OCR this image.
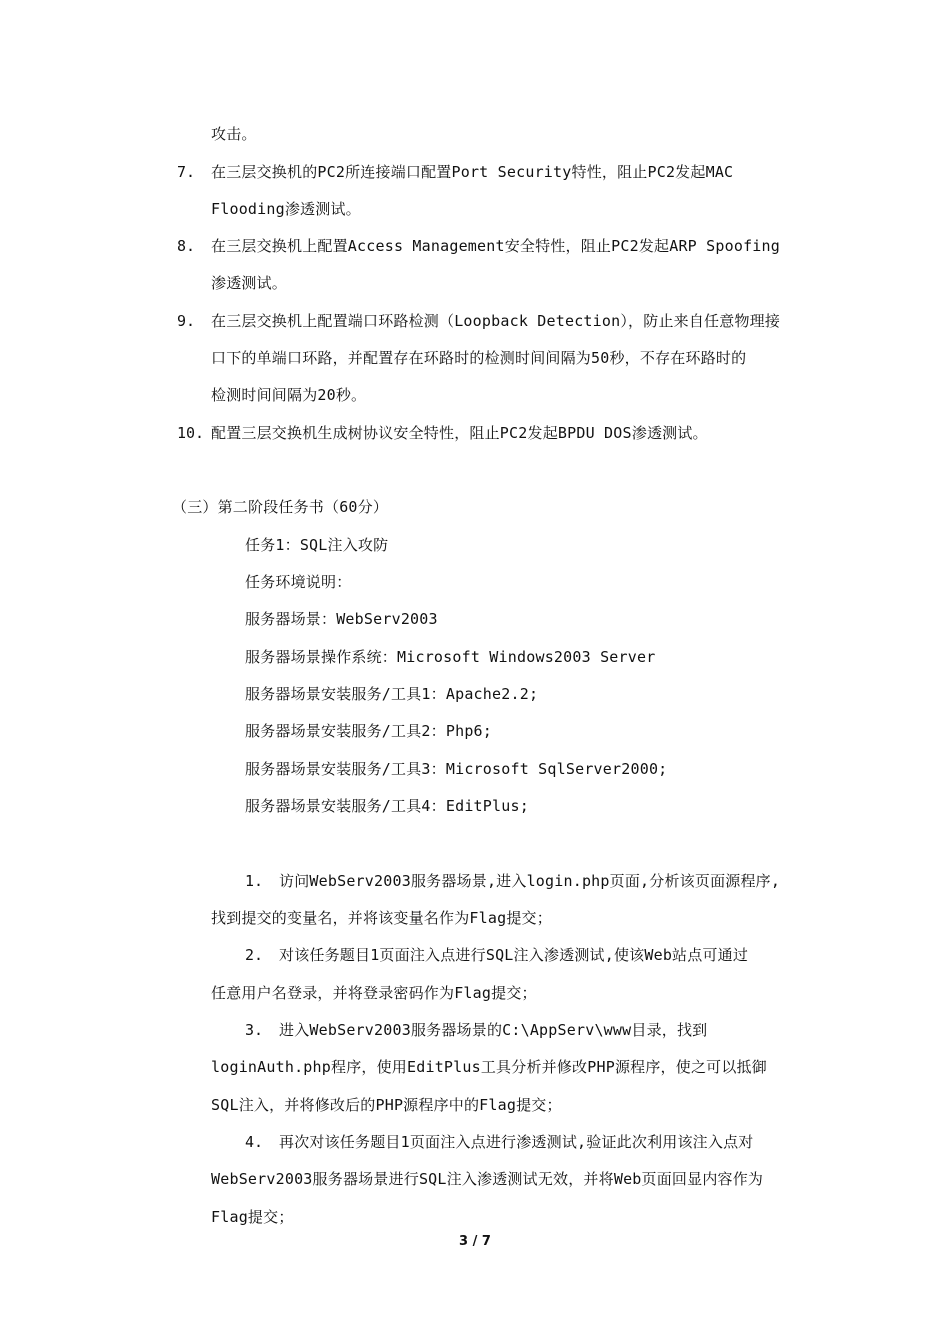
攻击。
7. 在三层交换机的PC2所连接端口配置Port Security特性，阻止PC2发起MAC
Flooding渗透测试。
8. 在三层交换机上配置Access Management安全特性，阻止PC2发起ARP Spoofing
渗透测试。
9. 在三层交换机上配置端口环路检测（Loopback Detection），防止来自任意物理接
口下的单端口环路，并配置存在环路时的检测时间间隔为50秒，不存在环路时的
检测时间间隔为20秒。
10. 配置三层交换机生成树协议安全特性，阻止PC2发起BPDU DOS渗透测试。
（三）第二阶段任务书（60分）
任务1：SQL注入攻防
任务环境说明：
服务器场景：WebServ2003
服务器场景操作系统：Microsoft Windows2003 Server
服务器场景安装服务/工具1：Apache2.2;
服务器场景安装服务/工具2：Php6;
服务器场景安装服务/工具3：Microsoft SqlServer2000;
服务器场景安装服务/工具4：EditPlus;
1. 访问WebServ2003服务器场景,进入login.php页面,分析该页面源程序,
找到提交的变量名，并将该变量名作为Flag提交；
2. 对该任务题目1页面注入点进行SQL注入渗透测试,使该Web站点可通过
任意用户名登录，并将登录密码作为Flag提交；
3. 进入WebServ2003服务器场景的C:\AppServ\www目录，找到
loginAuth.php程序，使用EditPlus工具分析并修改PHP源程序，使之可以抵御
SQL注入，并将修改后的PHP源程序中的Flag提交；
4. 再次对该任务题目1页面注入点进行渗透测试,验证此次利用该注入点对
WebServ2003服务器场景进行SQL注入渗透测试无效，并将Web页面回显内容作为
Flag提交；
3 / 7
